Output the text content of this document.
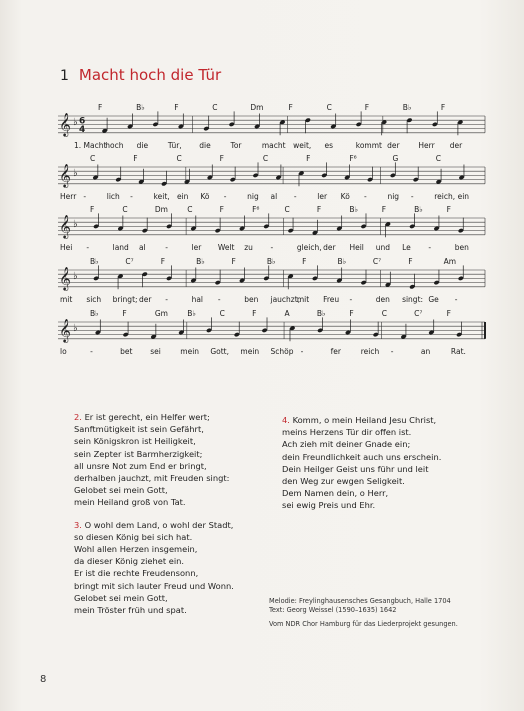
1 Macht hoch die Tür
𝄞 ♭ 6
4
F	B♭	F	C	Dm	F	C	F	B♭	F
1. Macht
hoch die	Tür, die	Tor	macht weit, es	kommt der	Herr der
𝄞 ♭
C	F	C	F	C	F	F⁶	G	C
Herr -	lich -	keit, ein Kö -	nig al -	ler Kö -	nig -	reich, ein
𝄞 ♭
F	C	Dm	C	F	F⁶	C	F	B♭	F	B♭	F
Hei -	land al	-	ler Welt zu -	gleich, der Heil und Le -	ben
𝄞 ♭
B♭	C⁷	F	B♭	F	B♭	F	B♭	C⁷	F	Am
mit sich bringt; der -	hal -	ben jauchzt,
mit Freu -	den singt: Ge -
𝄞 ♭
B♭	F	Gm	B♭	C	F	A	B♭	F	C	C⁷	F
lo	-	bet sei	mein Gott, mein Schöp -	fer	reich -	an	Rat.
2. Er ist gerecht, ein Helfer wert;
Sanftmütigkeit ist sein Gefährt,
sein Königskron ist Heiligkeit,
sein Zepter ist Barmherzigkeit;
all unsre Not zum End er bringt,
derhalben jauchzt, mit Freuden singt:
Gelobet sei mein Gott,
mein Heiland groß von Tat.
3. O wohl dem Land, o wohl der Stadt,
so diesen König bei sich hat.
Wohl allen Herzen insgemein,
da dieser König ziehet ein.
Er ist die rechte Freudensonn,
bringt mit sich lauter Freud und Wonn.
Gelobet sei mein Gott,
mein Tröster früh und spat.
4. Komm, o mein Heiland Jesu Christ,
meins Herzens Tür dir offen ist.
Ach zieh mit deiner Gnade ein;
dein Freundlichkeit auch uns erschein.
Dein Heilger Geist uns führ und leit
den Weg zur ewgen Seligkeit.
Dem Namen dein, o Herr,
sei ewig Preis und Ehr.
Melodie: Freylinghausensches Gesangbuch, Halle 1704
Text: Georg Weissel (1590–1635) 1642
Vom NDR Chor Hamburg für das Liederprojekt gesungen.
8
